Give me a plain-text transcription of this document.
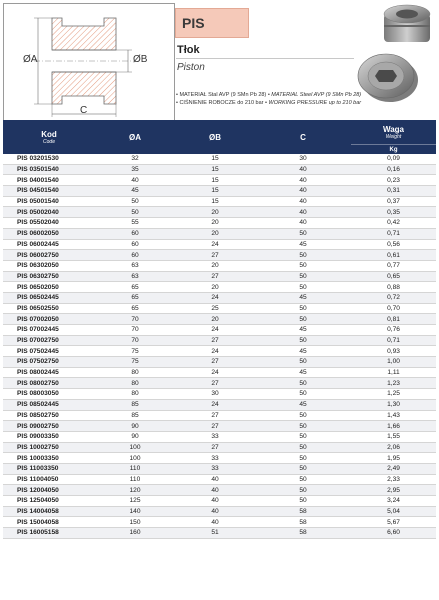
ØA	ØB
C
PIS
Tłok
Piston
• MATERIAŁ Stal AVP (9 SMn Pb 28) • MATERIAL Steel AVP (9 SMn Pb 28)
• CIŚNIENIE ROBOCZE do 210 bar • WORKING PRESSURE up to 210 bar
Kod
Code	ØA	ØB	C	Waga
Weight

				Kg
PIS 03201530	32	15	30	0,09
PIS 03501540	35	15	40	0,16
PIS 04001540	40	15	40	0,23
PIS 04501540	45	15	40	0,31
PIS 05001540	50	15	40	0,37
PIS 05002040	50	20	40	0,35
PIS 05502040	55	20	40	0,42
PIS 06002050	60	20	50	0,71
PIS 06002445	60	24	45	0,56
PIS 06002750	60	27	50	0,61
PIS 06302050	63	20	50	0,77
PIS 06302750	63	27	50	0,65
PIS 06502050	65	20	50	0,88
PIS 06502445	65	24	45	0,72
PIS 06502550	65	25	50	0,70
PIS 07002050	70	20	50	0,81
PIS 07002445	70	24	45	0,76
PIS 07002750	70	27	50	0,71
PIS 07502445	75	24	45	0,93
PIS 07502750	75	27	50	1,00
PIS 08002445	80	24	45	1,11
PIS 08002750	80	27	50	1,23
PIS 08003050	80	30	50	1,25
PIS 08502445	85	24	45	1,30
PIS 08502750	85	27	50	1,43
PIS 09002750	90	27	50	1,66
PIS 09003350	90	33	50	1,55
PIS 10002750	100	27	50	2,06
PIS 10003350	100	33	50	1,95
PIS 11003350	110	33	50	2,49
PIS 11004050	110	40	50	2,33
PIS 12004050	120	40	50	2,95
PIS 12504050	125	40	50	3,24
PIS 14004058	140	40	58	5,04
PIS 15004058	150	40	58	5,67
PIS 16005158	160	51	58	6,60
